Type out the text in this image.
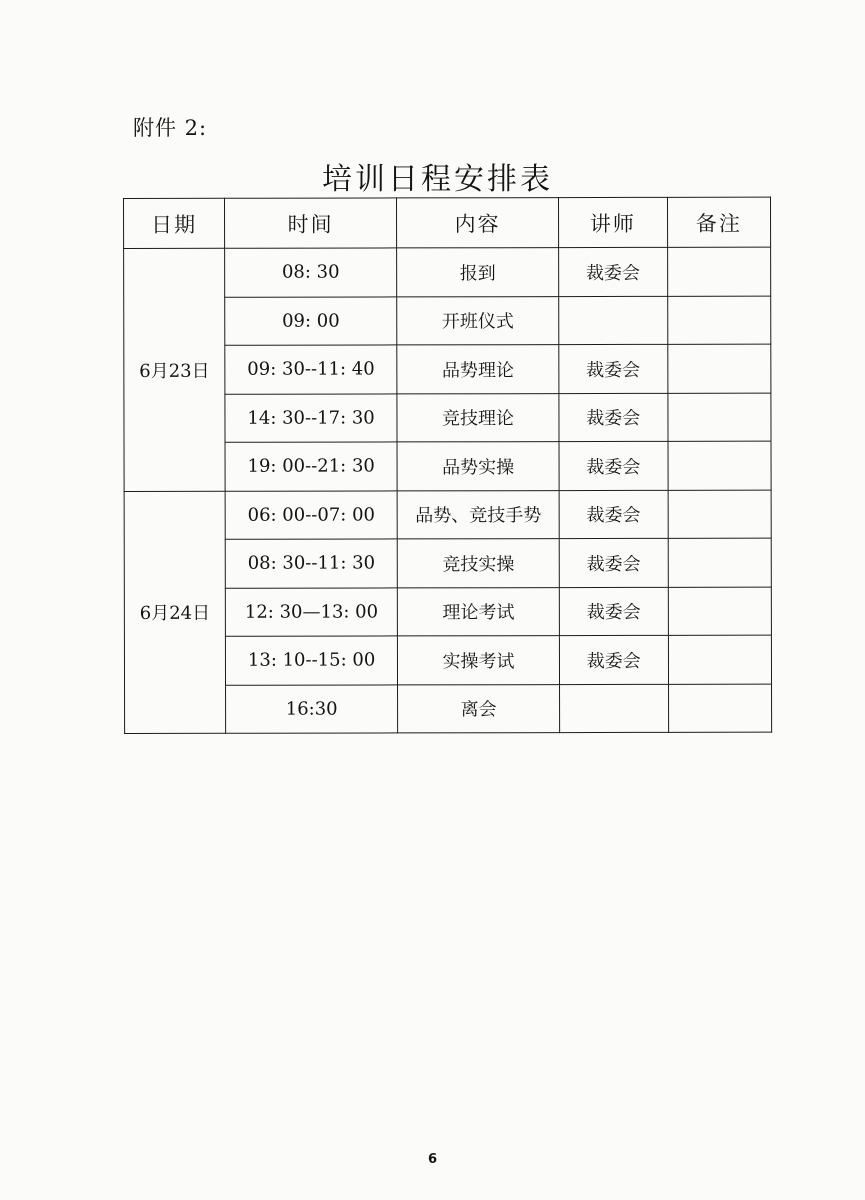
附件 2:
培训日程安排表
日期	时间	内容	讲师	备注
6月23日	08: 30	报到	裁委会	
	09: 00	开班仪式		
	09: 30--11: 40	品势理论	裁委会	
	14: 30--17: 30	竞技理论	裁委会	
	19: 00--21: 30	品势实操	裁委会	
6月24日	06: 00--07: 00	品势、竞技手势	裁委会	
	08: 30--11: 30	竞技实操	裁委会	
	12: 30—13: 00	理论考试	裁委会	
	13: 10--15: 00	实操考试	裁委会	
	16:30	离会		
6
